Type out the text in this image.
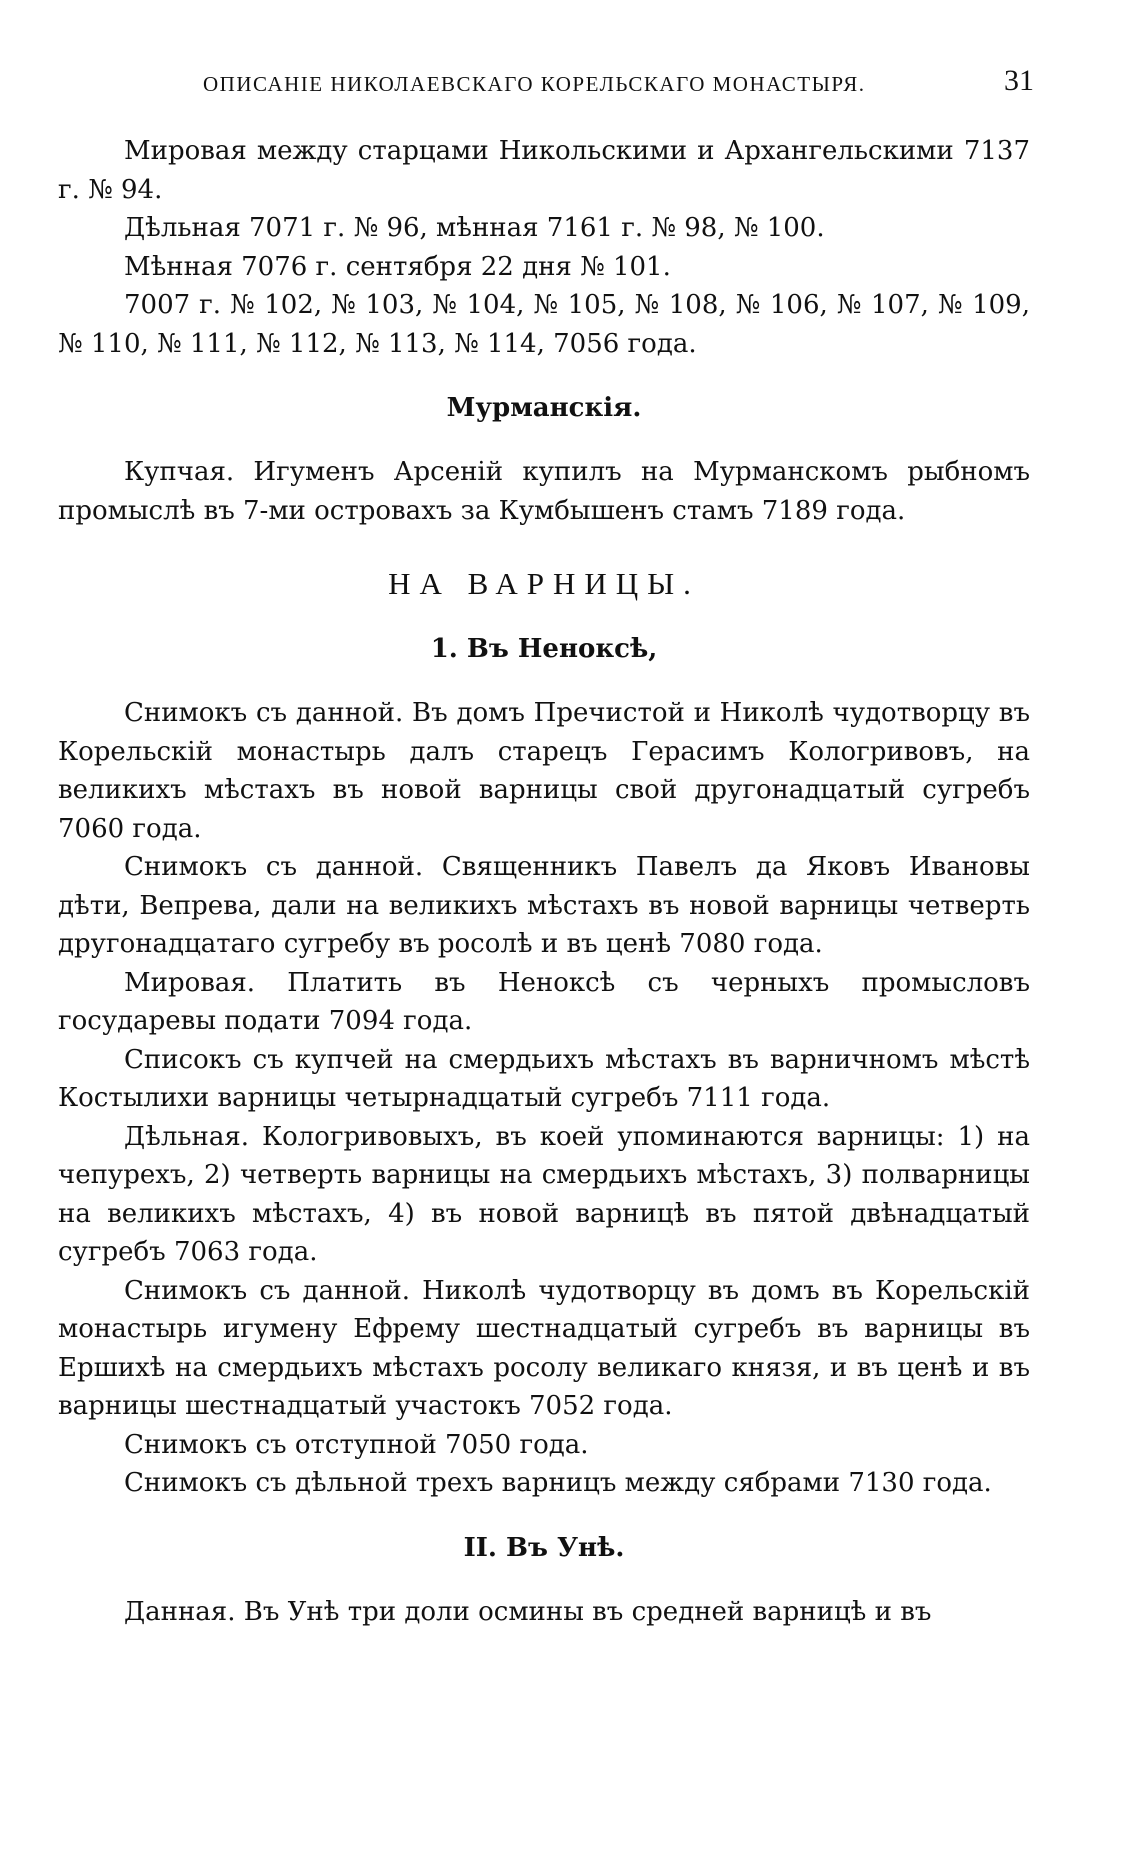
ОПИСАНІЕ НИКОЛАЕВСКАГО КОРЕЛЬСКАГО МОНАСТЫРЯ.	31

Мировая между старцами Никольскими и Архангельскими 7137 г. № 94.

Дѣльная 7071 г. № 96, мѣнная 7161 г. № 98, № 100.

Мѣнная 7076 г. сентября 22 дня № 101.

7007 г. № 102, № 103, № 104, № 105, № 108, № 106, № 107, № 109, № 110, № 111, № 112, № 113, № 114, 7056 года.

Мурманскія.

Купчая. Игуменъ Арсеній купилъ на Мурманскомъ рыбномъ промыслѣ въ 7-ми островахъ за Кумбышенъ стамъ 7189 года.

НА ВАРНИЦЫ.

1. Въ Неноксѣ,

Снимокъ съ данной. Въ домъ Пречистой и Николѣ чудотворцу въ Корельскій монастырь далъ старецъ Герасимъ Кологривовъ, на великихъ мѣстахъ въ новой варницы свой другонадцатый сугребъ 7060 года.

Снимокъ съ данной. Священникъ Павелъ да Яковъ Ивановы дѣти, Вепрева, дали на великихъ мѣстахъ въ новой варницы четверть другонадцатаго сугребу въ росолѣ и въ ценѣ 7080 года.

Мировая. Платить въ Неноксѣ съ черныхъ промысловъ государевы подати 7094 года.

Списокъ съ купчей на смердьихъ мѣстахъ въ варничномъ мѣстѣ Костылихи варницы четырнадцатый сугребъ 7111 года.

Дѣльная. Кологривовыхъ, въ коей упоминаются варницы: 1) на чепурехъ, 2) четверть варницы на смердьихъ мѣстахъ, 3) полварницы на великихъ мѣстахъ, 4) въ новой варницѣ въ пятой двѣнадцатый сугребъ 7063 года.

Снимокъ съ данной. Николѣ чудотворцу въ домъ въ Корельскій монастырь игумену Ефрему шестнадцатый сугребъ въ варницы въ Ершихѣ на смердьихъ мѣстахъ росолу великаго князя, и въ ценѣ и въ варницы шестнадцатый участокъ 7052 года.

Снимокъ съ отступной 7050 года.

Снимокъ съ дѣльной трехъ варницъ между сябрами 7130 года.

II. Въ Унѣ.

Данная. Въ Унѣ три доли осмины въ средней варницѣ и въ
